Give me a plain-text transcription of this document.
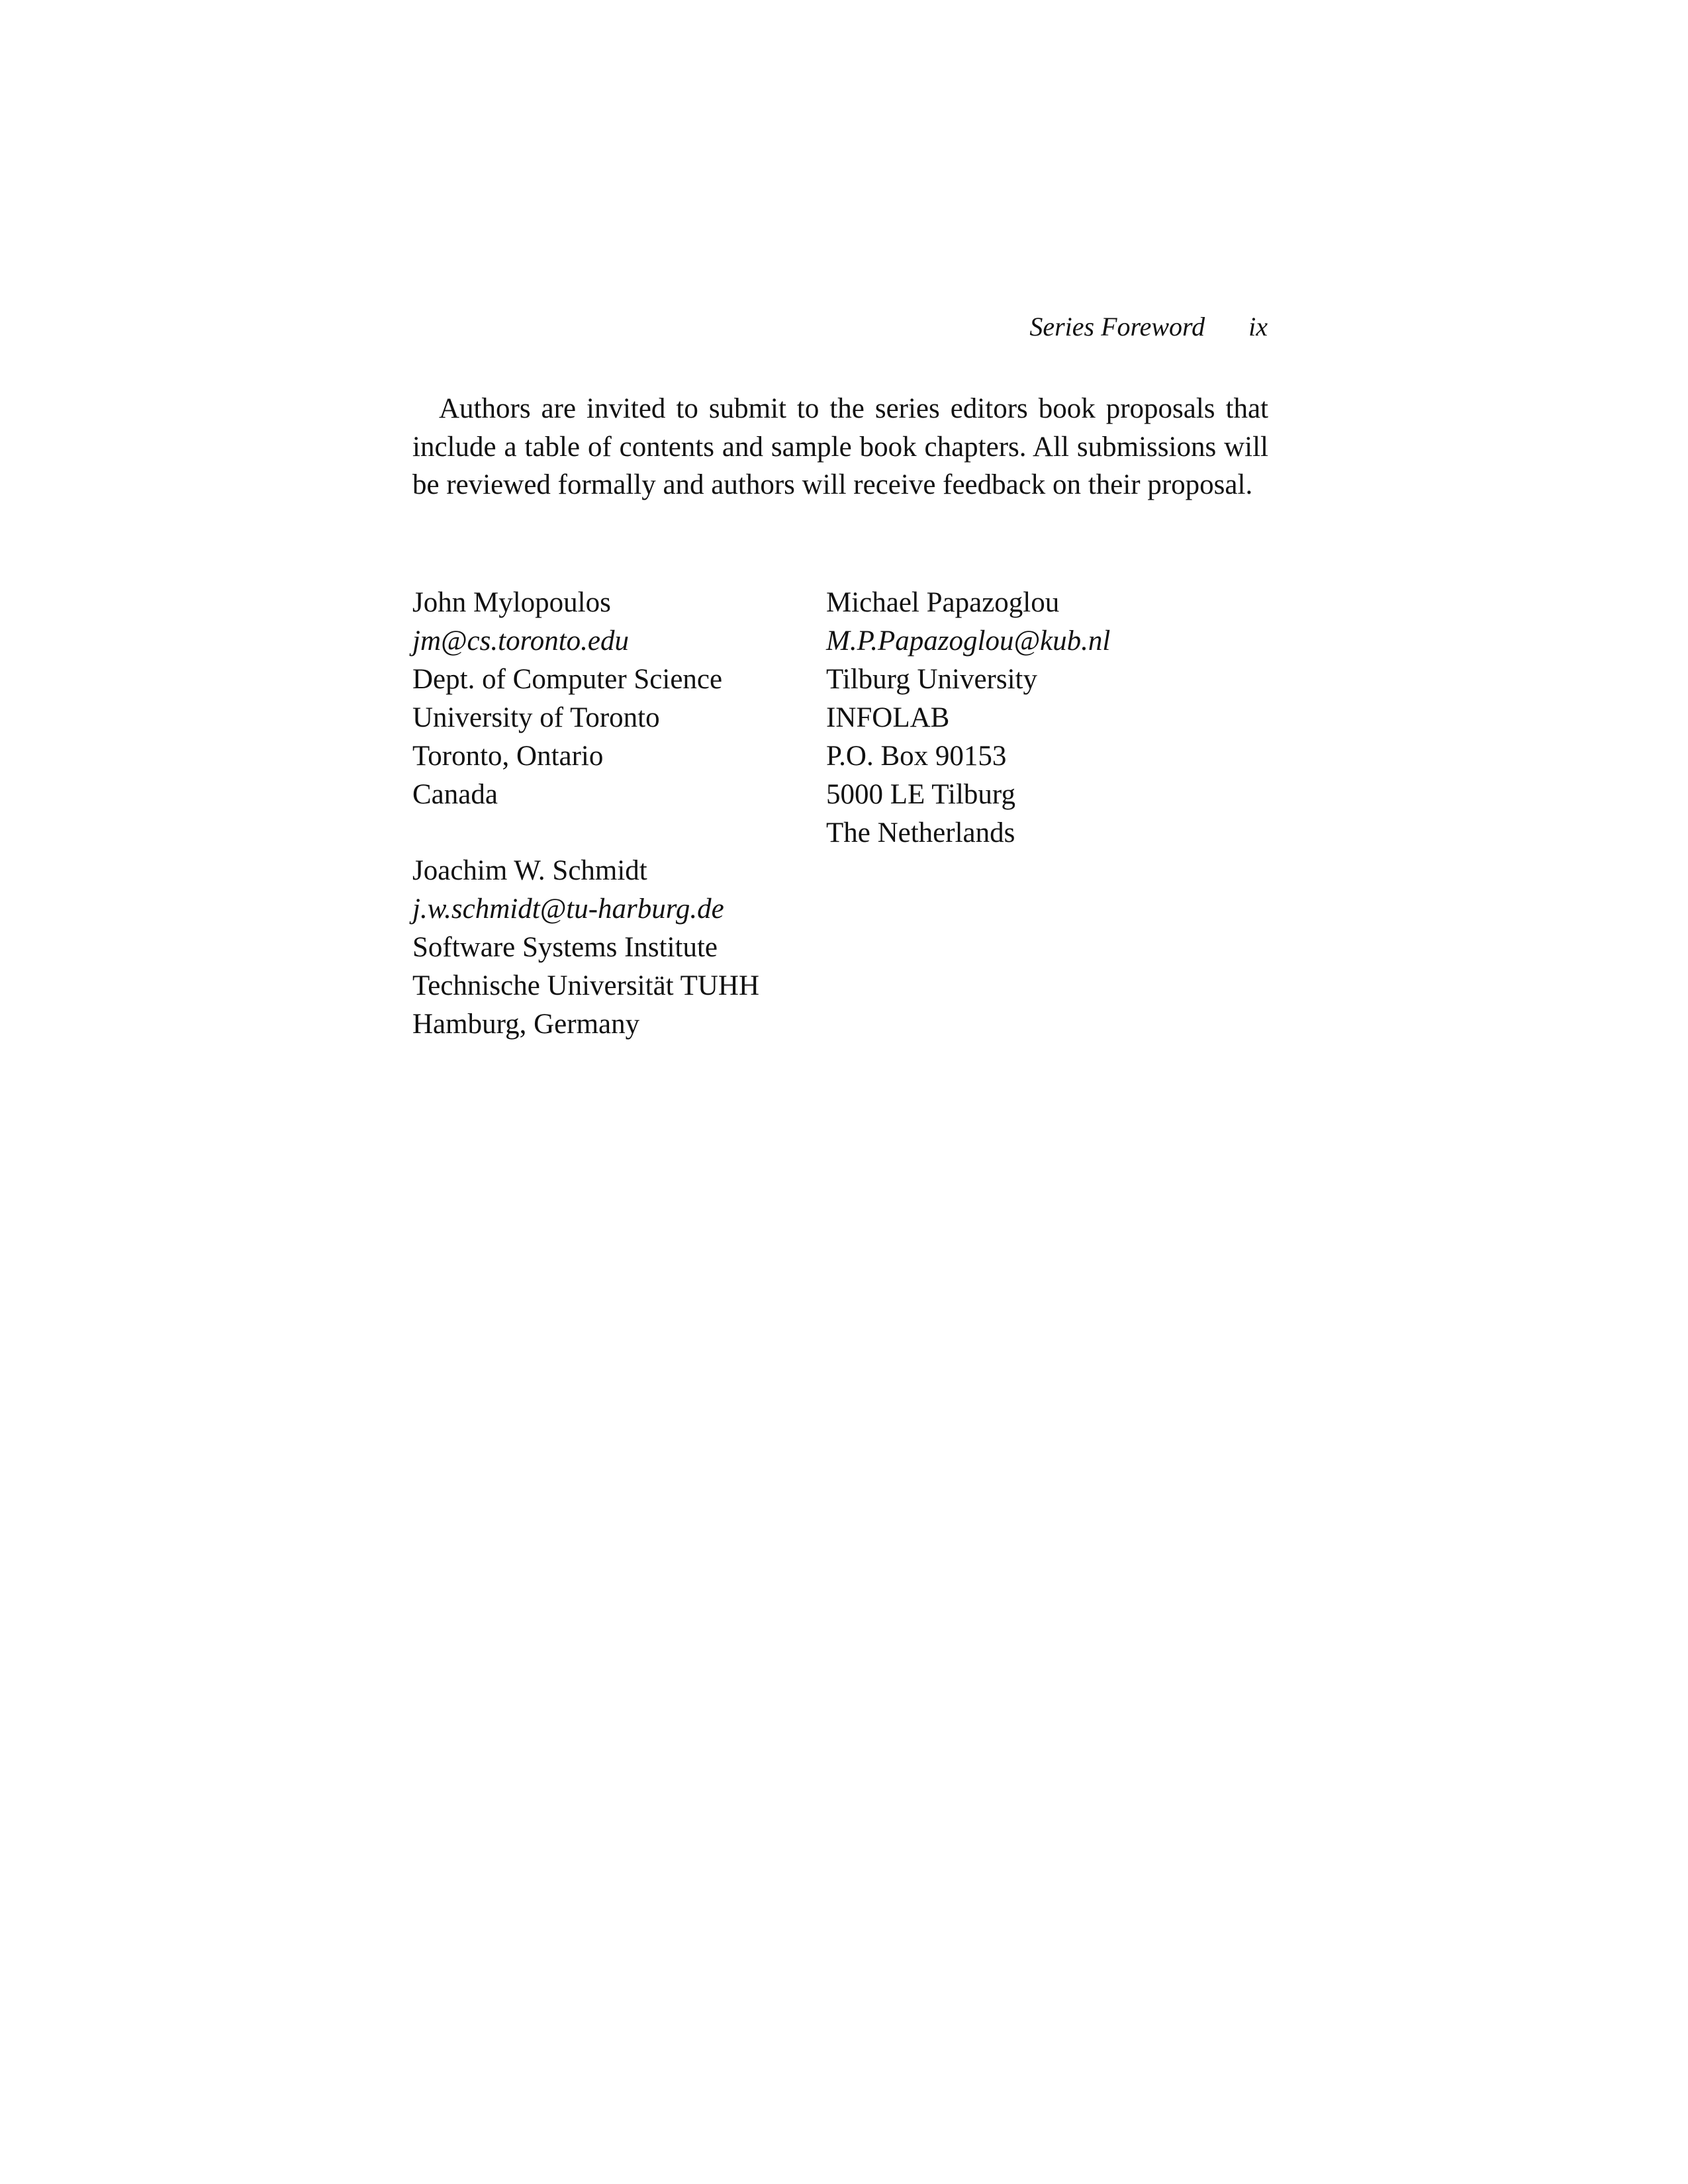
Series Foreword ix

Authors are invited to submit to the series editors book proposals that include a table of contents and sample book chapters. All submissions will be reviewed formally and authors will receive feedback on their proposal.

John Mylopoulos
jm@cs.toronto.edu
Dept. of Computer Science
University of Toronto
Toronto, Ontario
Canada
Michael Papazoglou
M.P.Papazoglou@kub.nl
Tilburg University
INFOLAB
P.O. Box 90153
5000 LE Tilburg
The Netherlands
Joachim W. Schmidt
j.w.schmidt@tu-harburg.de
Software Systems Institute
Technische Universität TUHH
Hamburg, Germany
